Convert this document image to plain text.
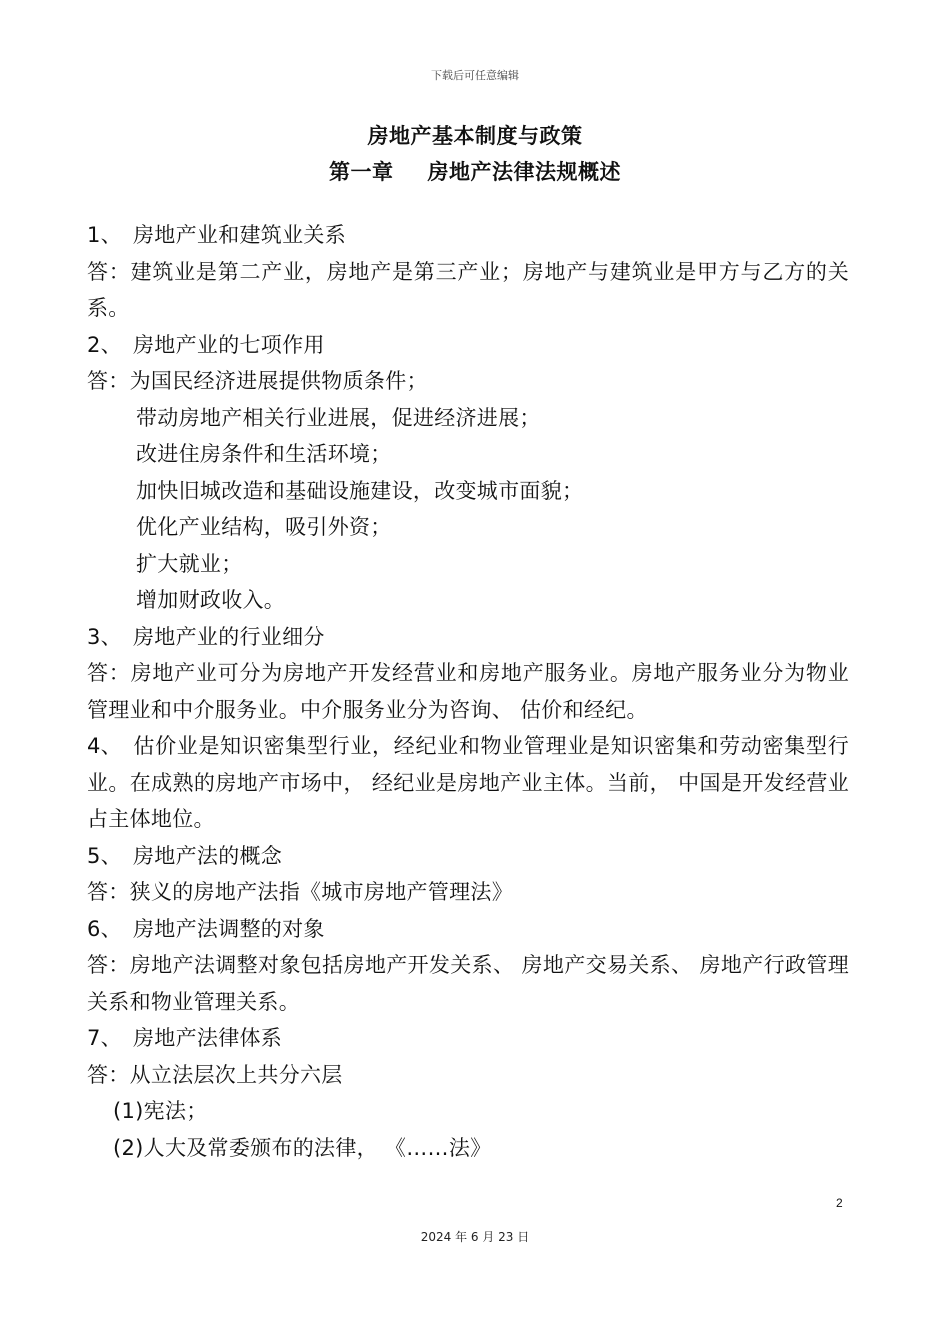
下载后可任意编辑
房地产基本制度与政策
第一章 房地产法律法规概述

1、 房地产业和建筑业关系

答：建筑业是第二产业，房地产是第三产业；房地产与建筑业是甲方与乙方的关系。

2、 房地产业的七项作用

答：为国民经济进展提供物质条件；

带动房地产相关行业进展，促进经济进展；

改进住房条件和生活环境；

加快旧城改造和基础设施建设，改变城市面貌；

优化产业结构，吸引外资；

扩大就业；

增加财政收入。

3、 房地产业的行业细分

答：房地产业可分为房地产开发经营业和房地产服务业。房地产服务业分为物业管理业和中介服务业。中介服务业分为咨询、 估价和经纪。

4、 估价业是知识密集型行业，经纪业和物业管理业是知识密集和劳动密集型行业。在成熟的房地产市场中， 经纪业是房地产业主体。当前， 中国是开发经营业占主体地位。

5、 房地产法的概念

答：狭义的房地产法指《城市房地产管理法》

6、 房地产法调整的对象

答：房地产法调整对象包括房地产开发关系、 房地产交易关系、 房地产行政管理关系和物业管理关系。

7、 房地产法律体系

答：从立法层次上共分六层

(1)宪法；

(2)人大及常委颁布的法律， 《……法》

2
2024 年 6 月 23 日
